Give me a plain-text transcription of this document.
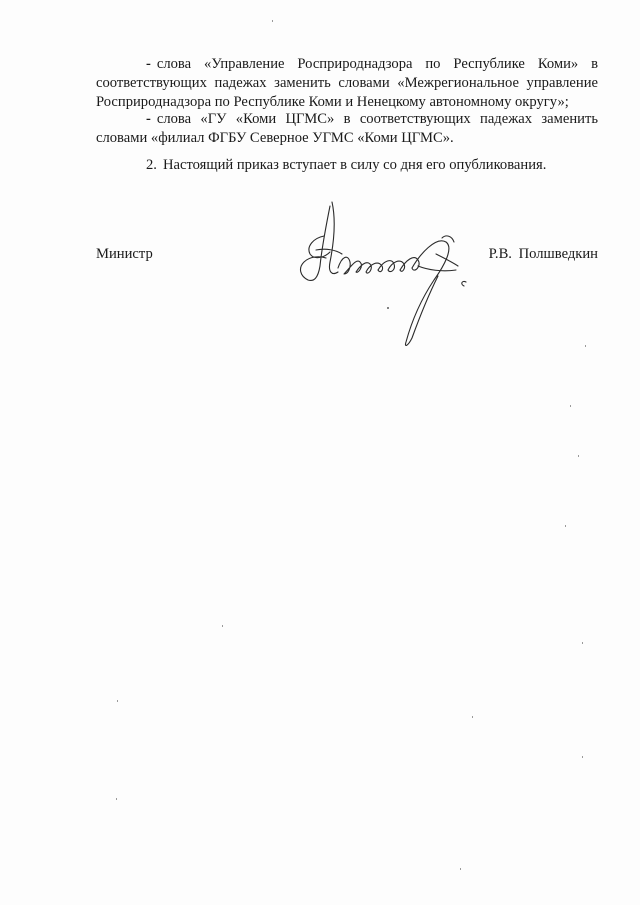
- слова «Управление Росприроднадзора по Республике Коми» в соответствующих падежах заменить словами «Межрегиональное управление Росприроднадзора по Республике Коми и Ненецкому автономному округу»;

- слова «ГУ «Коми ЦГМС» в соответствующих падежах заменить словами «филиал ФГБУ Северное УГМС «Коми ЦГМС».

2. Настоящий приказ вступает в силу со дня его опубликования.

Министр	Р.В. Полшведкин
